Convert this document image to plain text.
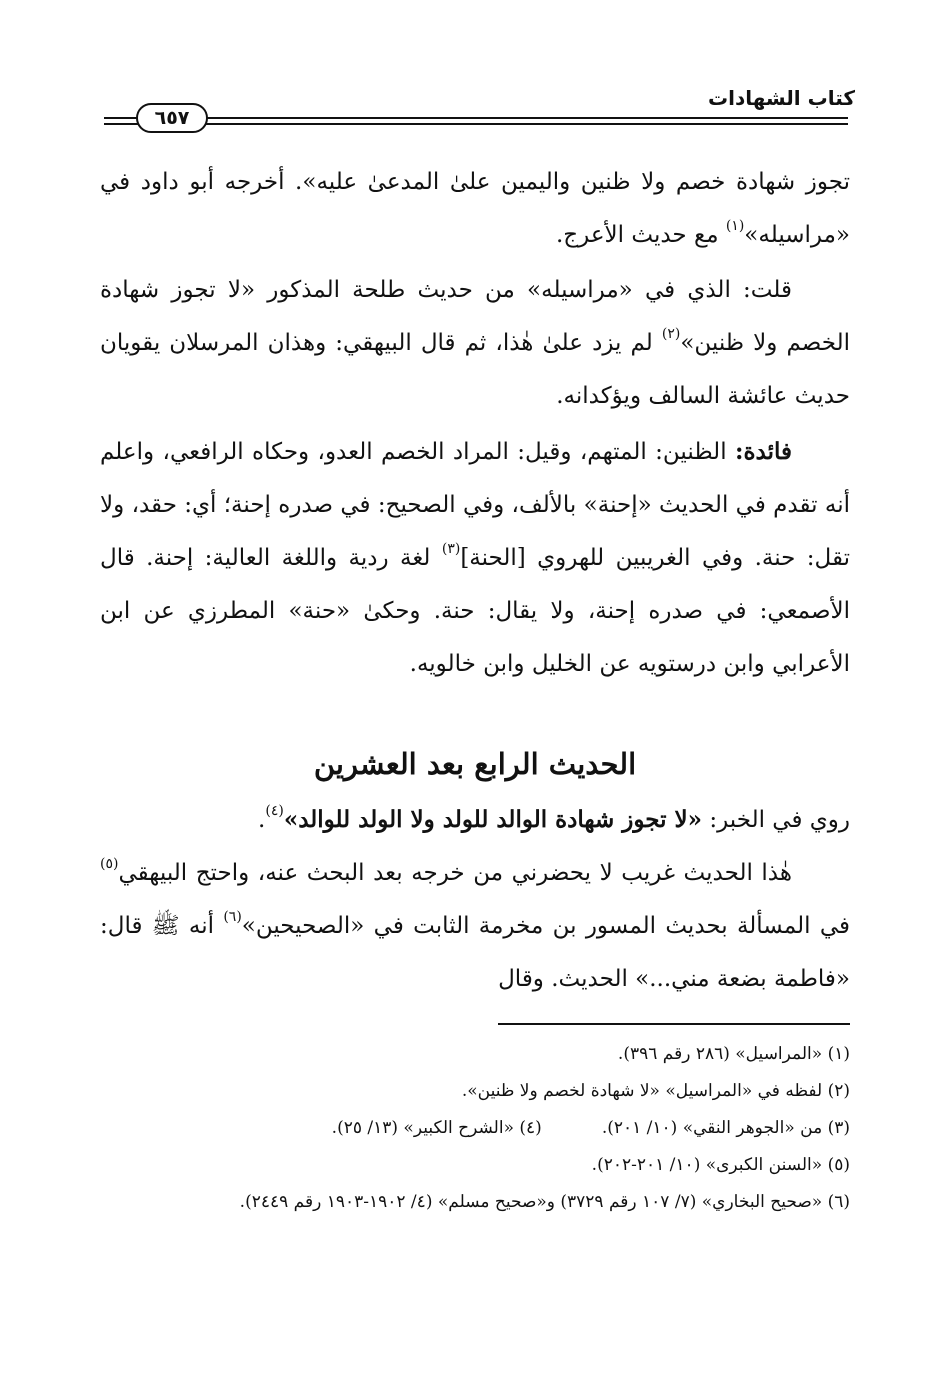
كتاب الشهادات
٦٥٧

تجوز شهادة خصم ولا ظنين واليمين علىٰ المدعىٰ عليه». أخرجه أبو داود في «مراسيله»$^{(١)}$ مع حديث الأعرج.

قلت: الذي في «مراسيله» من حديث طلحة المذكور «لا تجوز شهادة الخصم ولا ظنين»$^{(٢)}$ لم يزد علىٰ هٰذا، ثم قال البيهقي: وهذان المرسلان يقويان حديث عائشة السالف ويؤكدانه.

فائدة: الظنين: المتهم، وقيل: المراد الخصم العدو، وحكاه الرافعي، واعلم أنه تقدم في الحديث «إحنة» بالألف، وفي الصحيح: في صدره إحنة؛ أي: حقد، ولا تقل: حنة. وفي الغريبين للهروي [الحنة]$^{(٣)}$ لغة ردية واللغة العالية: إحنة. قال الأصمعي: في صدره إحنة، ولا يقال: حنة. وحكىٰ «حنة» المطرزي عن ابن الأعرابي وابن درستويه عن الخليل وابن خالويه.

الحديث الرابع بعد العشرين

روي في الخبر: «لا تجوز شهادة الوالد للولد ولا الولد للوالد»$^{(٤)}$.

هٰذا الحديث غريب لا يحضرني من خرجه بعد البحث عنه، واحتج البيهقي$^{(٥)}$ في المسألة بحديث المسور بن مخرمة الثابت في «الصحيحين»$^{(٦)}$ أنه ﷺ قال: «فاطمة بضعة مني...» الحديث. وقال

(١) «المراسيل» (٢٨٦ رقم ٣٩٦).

(٢) لفظه في «المراسيل» «لا شهادة لخصم ولا ظنين».

(٣) من «الجوهر النقي» (١٠/ ٢٠١).(٤) «الشرح الكبير» (١٣/ ٢٥).

(٥) «السنن الكبرى» (١٠/ ٢٠١-٢٠٢).

(٦) «صحيح البخاري» (٧/ ١٠٧ رقم ٣٧٢٩) و«صحيح مسلم» (٤/ ١٩٠٢-١٩٠٣ رقم ٢٤٤٩).
